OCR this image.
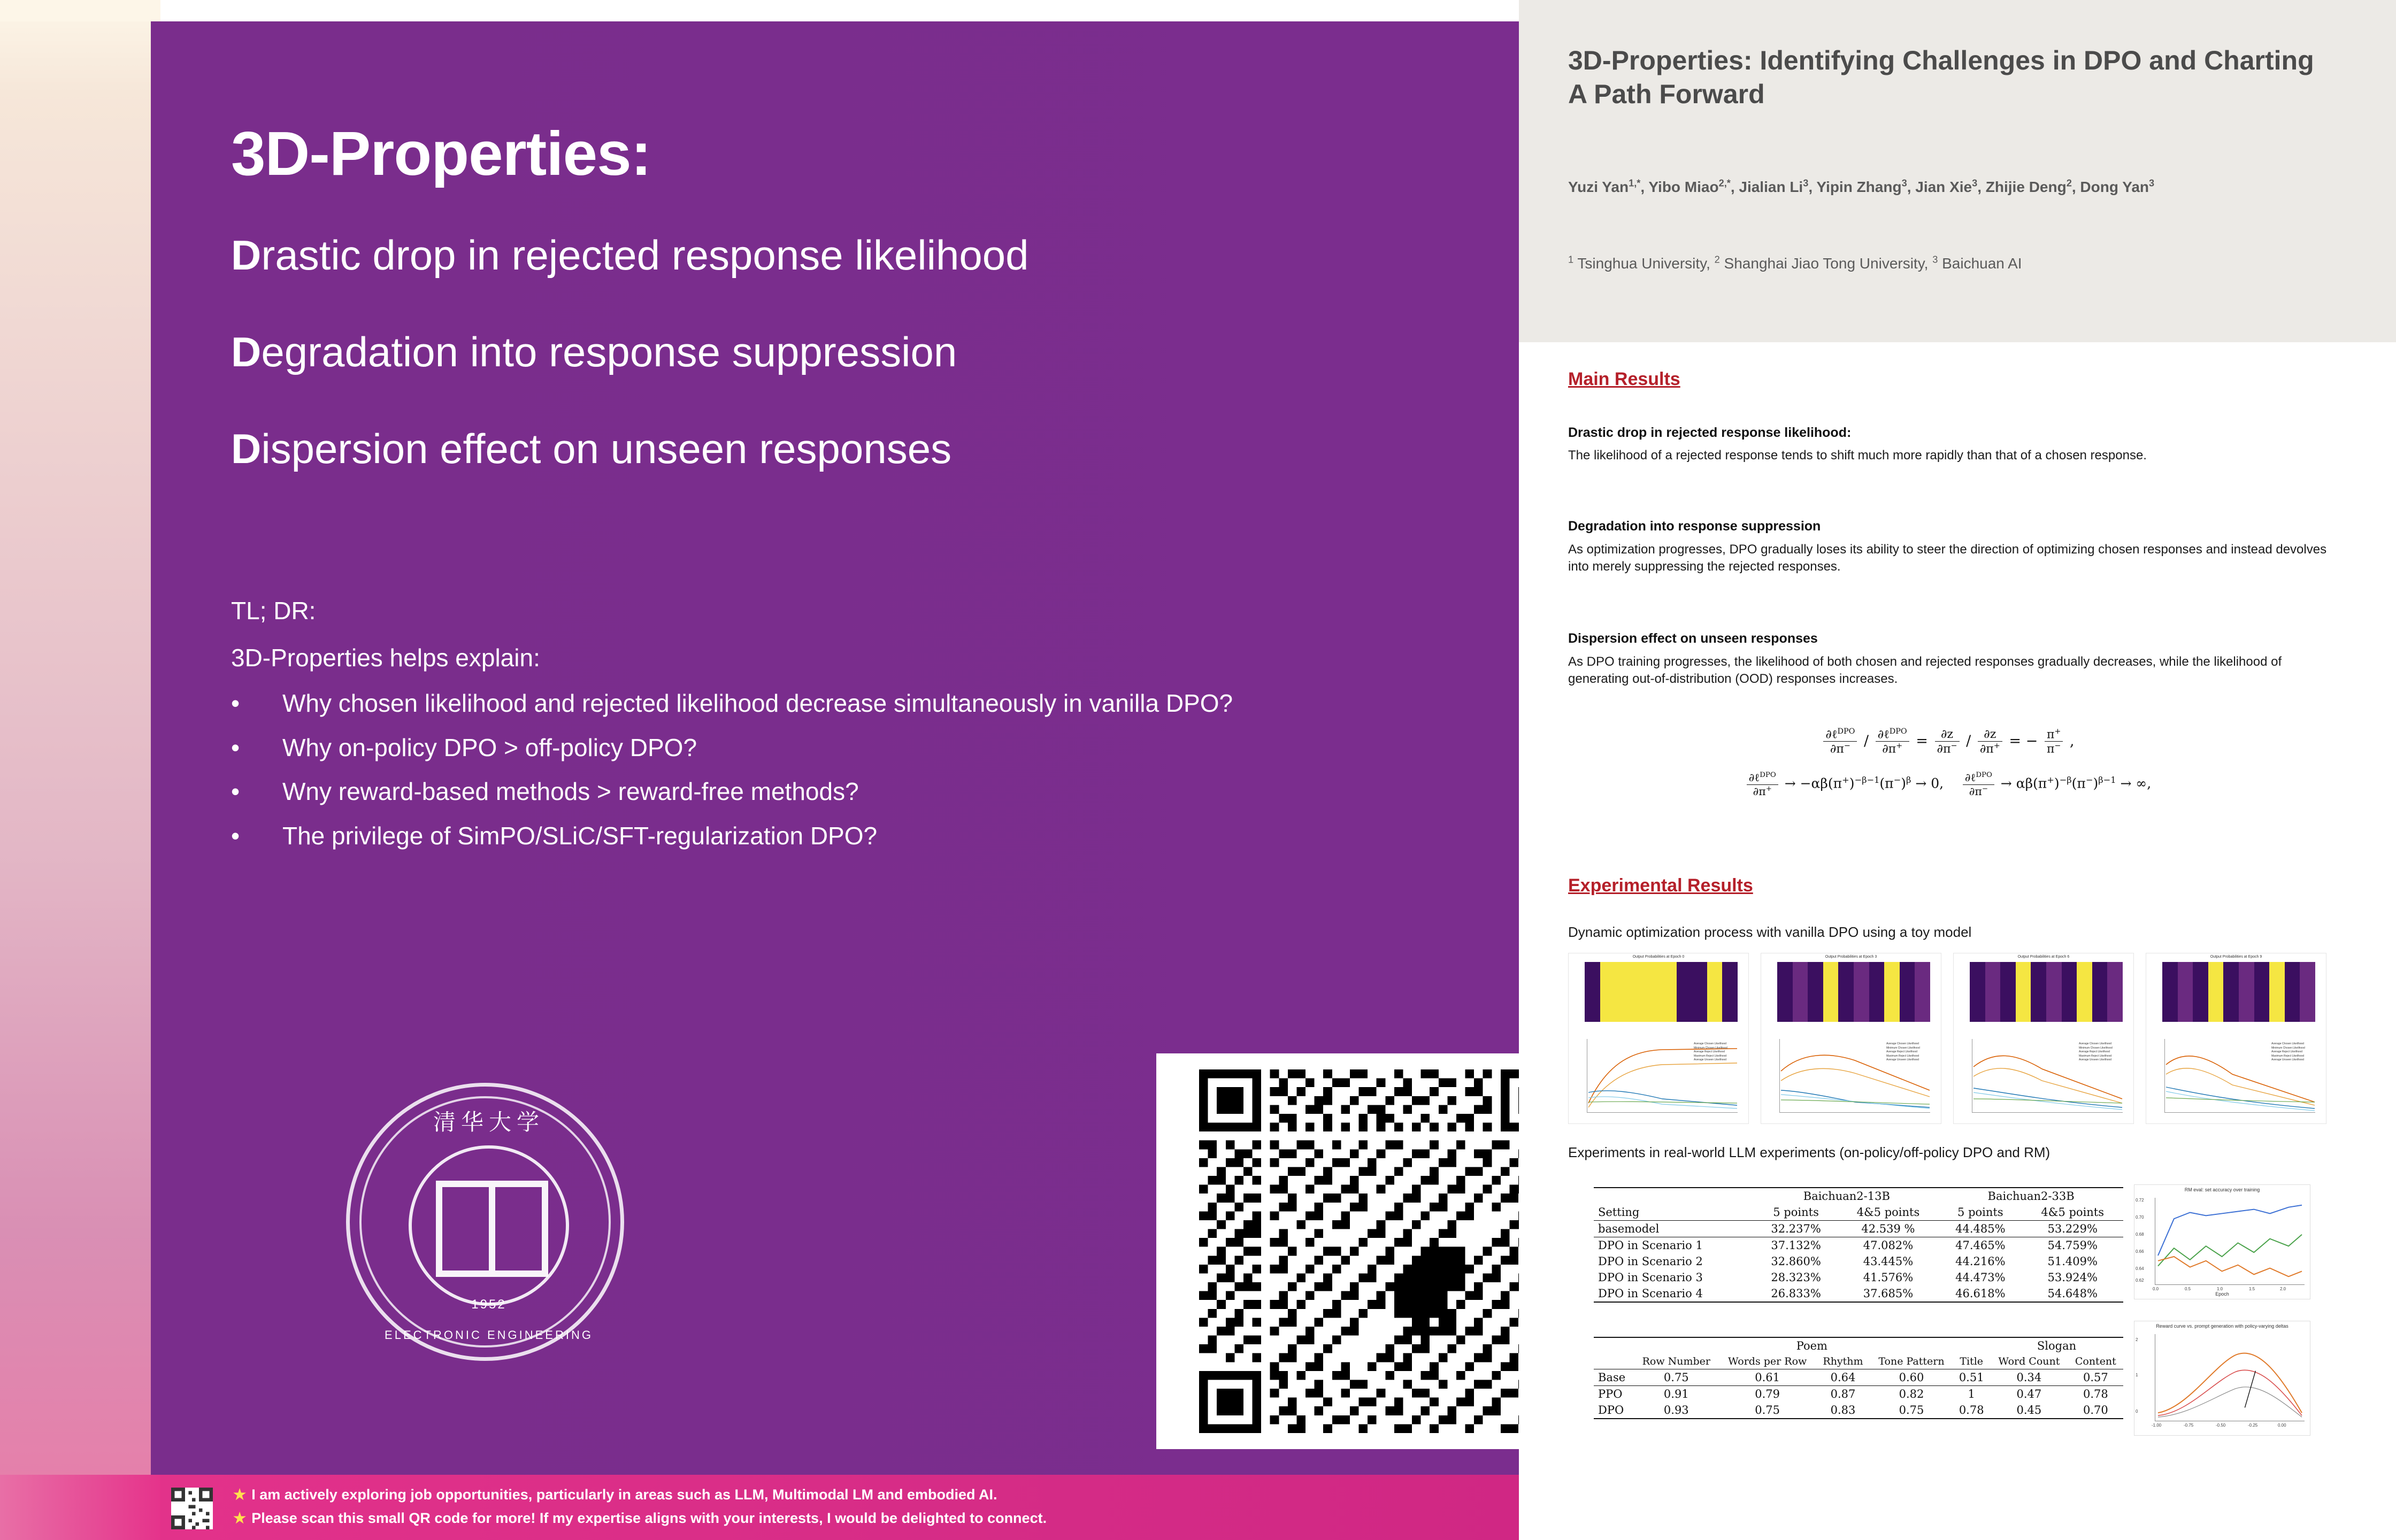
3D-Properties:
Drastic drop in rejected response likelihood
Degradation into response suppression
Dispersion effect on unseen responses
TL; DR:
3D-Properties helps explain:
•	Why chosen likelihood and rejected likelihood decrease simultaneously in vanilla DPO?
•	Why on-policy DPO > off-policy DPO?
•	Wny reward-based methods > reward-free methods?
•	The privilege of SimPO/SLiC/SFT-regularization DPO?
清华大学
1952
ELECTRONIC ENGINEERING
★ I am actively exploring job opportunities, particularly in areas such as LLM, Multimodal LM and embodied AI.
★ Please scan this small QR code for more! If my expertise aligns with your interests, I would be delighted to connect.
3D-Properties: Identifying Challenges in DPO and Charting A Path Forward
Yuzi Yan$^{1,*}$, Yibo Miao$^{2,*}$, Jialian Li$^3$, Yipin Zhang$^3$, Jian Xie$^3$, Zhijie Deng$^2$, Dong Yan$^3$
$^1$ Tsinghua University, $^2$ Shanghai Jiao Tong University, $^3$ Baichuan AI
Main Results
Drastic drop in rejected response likelihood:
The likelihood of a rejected response tends to shift much more rapidly than that of a chosen response.
Degradation into response suppression
As optimization progresses, DPO gradually loses its ability to steer the direction of optimizing chosen responses and instead devolves into merely suppressing the rejected responses.
Dispersion effect on unseen responses
As DPO training progresses, the likelihood of both chosen and rejected responses gradually decreases, while the likelihood of generating out-of-distribution (OOD) responses increases.
$\frac{\partial\ell^{DPO}}{\partial\pi^-} / \frac{\partial\ell^{DPO}}{\partial\pi^+} = \frac{\partial z}{\partial\pi^-} / \frac{\partial z}{\partial\pi^+}$ = − $\frac{\pi^+}{\pi^-}$ ,
$\frac{\partial\ell^{DPO}}{\partial\pi^+} \to -\alpha\beta(\pi^+)^{-\beta-1}(\pi^-)^\beta \to 0$, $\frac{\partial\ell^{DPO}}{\partial\pi^-} \to \alpha\beta(\pi^+)^{-\beta}(\pi^-)^{\beta-1}$ → ∞,
Experimental Results
Dynamic optimization process with vanilla DPO using a toy model
Output Probabilities at Epoch 0
Average Chosen Likelihood
Minimum Chosen Likelihood
Average Reject Likelihood
Maximum Reject Likelihood
Average Unseen Likelihood
Output Probabilities at Epoch 3
Average Chosen Likelihood
Minimum Chosen Likelihood
Average Reject Likelihood
Maximum Reject Likelihood
Average Unseen Likelihood
Output Probabilities at Epoch 6
Average Chosen Likelihood
Minimum Chosen Likelihood
Average Reject Likelihood
Maximum Reject Likelihood
Average Unseen Likelihood
Output Probabilities at Epoch 9
Average Chosen Likelihood
Minimum Chosen Likelihood
Average Reject Likelihood
Maximum Reject Likelihood
Average Unseen Likelihood
Experiments in real-world LLM experiments (on-policy/off-policy DPO and RM)
	Baichuan2-13B		Baichuan2-33B	
Setting	5 points	4&5 points	5 points	4&5 points
basemodel	32.237%	42.539 %	44.485%	53.229%
DPO in Scenario 1	37.132%	47.082%	47.465%	54.759%
DPO in Scenario 2	32.860%	43.445%	44.216%	51.409%
DPO in Scenario 3	28.323%	41.576%	44.473%	53.924%
DPO in Scenario 4	26.833%	37.685%	46.618%	54.648%
	Poem					Slogan	
	Row Number	Words per Row	Rhythm	Tone Pattern	Title	Word Count	Content
Base	0.75	0.61	0.64	0.60	0.51	0.34	0.57
PPO	0.91	0.79	0.87	0.82	1	0.47	0.78
DPO	0.93	0.75	0.83	0.75	0.78	0.45	0.70
RM eval: set accuracy over training
0.72
0.70
0.68
0.66
0.64
0.62
0.0	0.5	1.0	1.5	2.0
Epoch
Reward curve vs. prompt generation with policy-varying deltas
2
1
0
-1.00	-0.75	-0.50	-0.25	0.00
